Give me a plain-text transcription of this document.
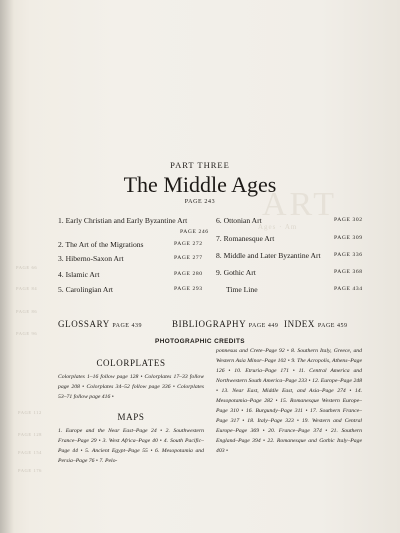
ART
Ages · Am
PAGE 66
PAGE 84
PAGE 86
PAGE 96
PAGE 112
PAGE 128
PAGE 154
PAGE 176
PART THREE
The Middle Ages
PAGE 243
1. Early Christian and Early Byzantine Art
PAGE 246
2. The Art of the Migrations	PAGE 272
3. Hiberno-Saxon Art	PAGE 277
4. Islamic Art	PAGE 280
5. Carolingian Art	PAGE 293
6. Ottonian Art	PAGE 302
7. Romanesque Art	PAGE 309
8. Middle and Later Byzantine Art PAGE 336
9. Gothic Art	PAGE 368
Time Line	PAGE 434
GLOSSARY PAGE 439	BIBLIOGRAPHY PAGE 449 INDEX PAGE 459
PHOTOGRAPHIC CREDITS
COLORPLATES
Colorplates 1–16 follow page 128 • Colorplates 17–33 follow page 208 • Colorplates 34–52 follow page 336 • Colorplates 53–71 follow page 416 •
MAPS
1. Europe and the Near East–Page 24 • 2. Southwestern France–Page 29 • 3. West Africa–Page 40 • 4. South Pacific–Page 44 • 5. Ancient Egypt–Page 55 • 6. Mesopotamia and Persia–Page 76 • 7. Pelo-
ponnesus and Crete–Page 92 • 8. Southern Italy, Greece, and Western Asia Minor–Page 102 • 9. The Acropolis, Athens–Page 126 • 10. Etruria–Page 171 • 11. Central America and Northwestern South America–Page 233 • 12. Europe–Page 248 • 13. Near East, Middle East, and Asia–Page 274 • 14. Mesopotamia–Page 282 • 15. Romanesque Western Europe–Page 310 • 16. Burgundy–Page 311 • 17. Southern France–Page 317 • 18. Italy–Page 323 • 19. Western and Central Europe–Page 369 • 20. France–Page 374 • 21. Southern England–Page 394 • 22. Romanesque and Gothic Italy–Page 403 •
